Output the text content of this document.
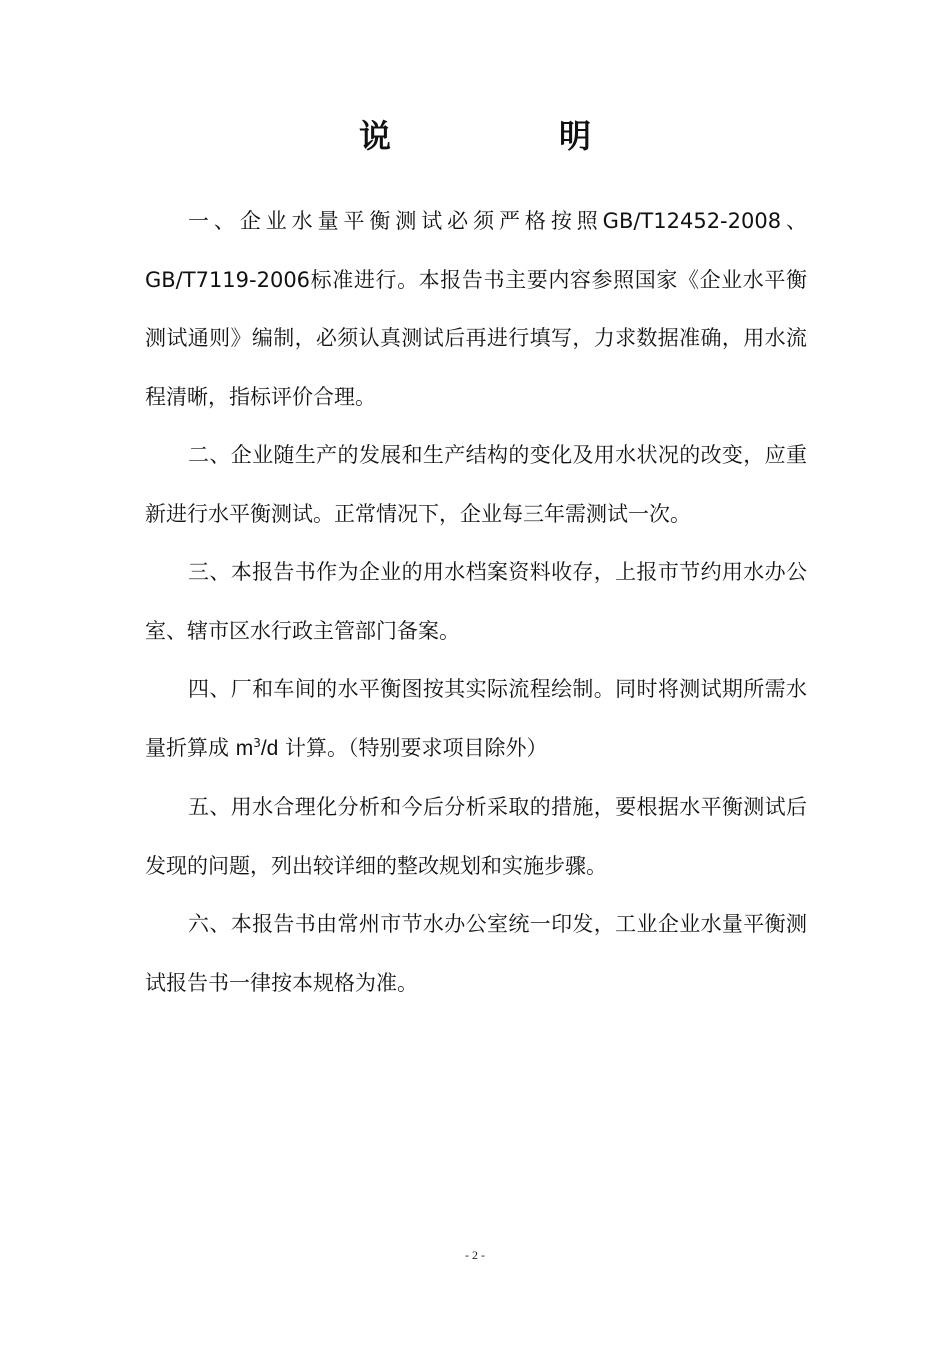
说　明

一、企业水量平衡测试必须严格按照GB/T12452-2008、GB/T7119-2006标准进行。本报告书主要内容参照国家《企业水平衡测试通则》编制，必须认真测试后再进行填写，力求数据准确，用水流程清晰，指标评价合理。

二、企业随生产的发展和生产结构的变化及用水状况的改变，应重新进行水平衡测试。正常情况下，企业每三年需测试一次。

三、本报告书作为企业的用水档案资料收存，上报市节约用水办公室、辖市区水行政主管部门备案。

四、厂和车间的水平衡图按其实际流程绘制。同时将测试期所需水量折算成 $m^3/d$ 计算。（特别要求项目除外）

五、用水合理化分析和今后分析采取的措施，要根据水平衡测试后发现的问题，列出较详细的整改规划和实施步骤。

六、本报告书由常州市节水办公室统一印发，工业企业水量平衡测试报告书一律按本规格为准。

- 2 -
